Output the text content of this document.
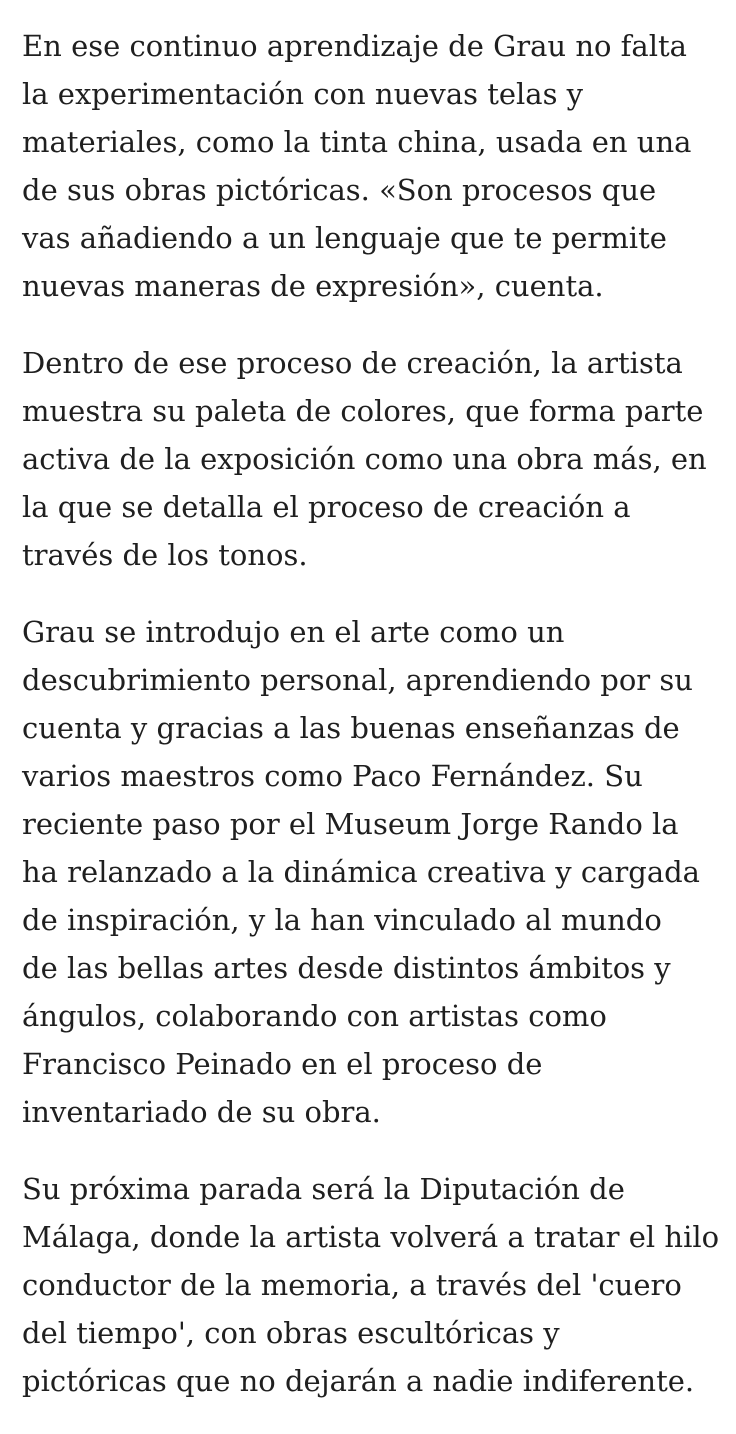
En ese continuo aprendizaje de Grau no falta
la experimentación con nuevas telas y
materiales, como la tinta china, usada en una
de sus obras pictóricas. «Son procesos que
vas añadiendo a un lenguaje que te permite
nuevas maneras de expresión», cuenta.

Dentro de ese proceso de creación, la artista
muestra su paleta de colores, que forma parte
activa de la exposición como una obra más, en
la que se detalla el proceso de creación a
través de los tonos.

Grau se introdujo en el arte como un
descubrimiento personal, aprendiendo por su
cuenta y gracias a las buenas enseñanzas de
varios maestros como Paco Fernández. Su
reciente paso por el Museum Jorge Rando la
ha relanzado a la dinámica creativa y cargada
de inspiración, y la han vinculado al mundo
de las bellas artes desde distintos ámbitos y
ángulos, colaborando con artistas como
Francisco Peinado en el proceso de
inventariado de su obra.

Su próxima parada será la Diputación de
Málaga, donde la artista volverá a tratar el hilo
conductor de la memoria, a través del 'cuero
del tiempo', con obras escultóricas y
pictóricas que no dejarán a nadie indiferente.
